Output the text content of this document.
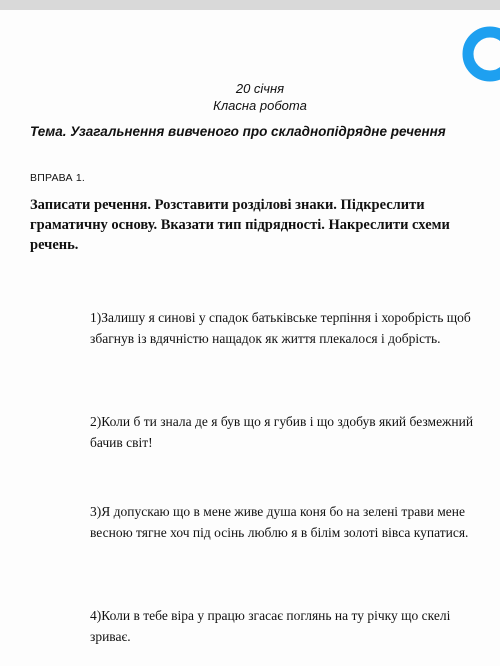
20 січня
Класна робота
Тема. Узагальнення вивченого про складнопідрядне речення
ВПРАВА 1.
Записати речення. Розставити розділові знаки. Підкреслити граматичну основу. Вказати тип підрядності. Накреслити схеми речень.
1)Залишу я синові у спадок батьківське терпіння і хоробрість щоб збагнув із вдячністю нащадок як життя плекалося і добрість.
2)Коли б ти знала де я був що я губив і що здобув який безмежний бачив світ!
3)Я допускаю що в мене живе душа коня бо на зелені трави мене весною тягне хоч під осінь люблю я в білім золоті вівса купатися.
4)Коли в тебе віра у працю згасає поглянь на ту річку що скелі зриває.
